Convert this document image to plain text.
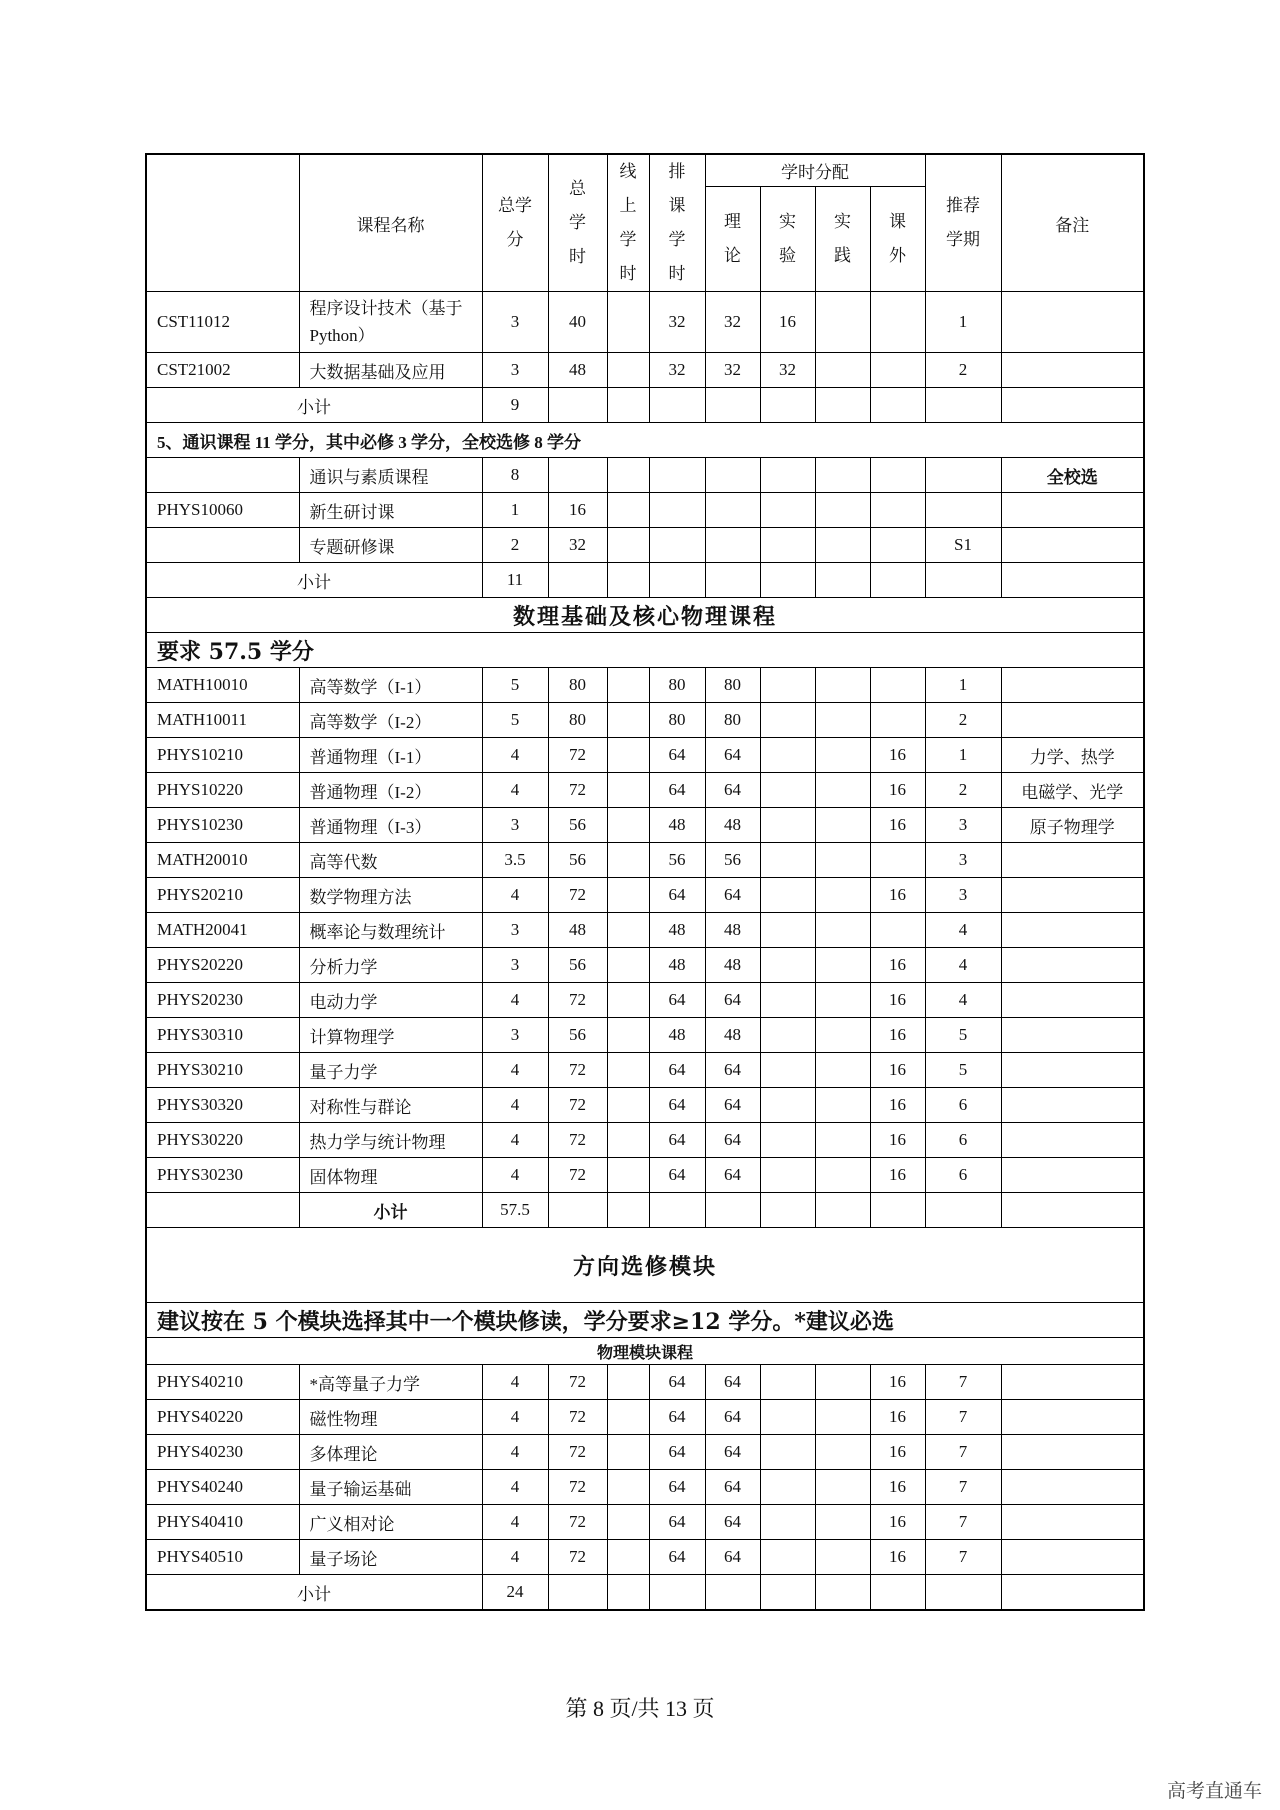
	课程名称	总学分	总学时	线上学时	排课学时	学时分配				推荐学期	备注

						理论	实验	实践	课外		

CST11012	程序设计技术（基于 Python）	3	40		32	32	16			1	
CST21002	大数据基础及应用	3	48		32	32	32			2	
小计		9									
5、通识课程 11 学分，其中必修 3 学分，全校选修 8 学分											
	通识与素质课程	8									全校选
PHYS10060	新生研讨课	1	16								
	专题研修课	2	32							S1	
小计		11									
数理基础及核心物理课程											
要求 57.5 学分											
MATH10010	高等数学（I-1）	5	80		80	80				1	
MATH10011	高等数学（I-2）	5	80		80	80				2	
PHYS10210	普通物理（I-1）	4	72		64	64			16	1	力学、热学
PHYS10220	普通物理（I-2）	4	72		64	64			16	2	电磁学、光学
PHYS10230	普通物理（I-3）	3	56		48	48			16	3	原子物理学
MATH20010	高等代数	3.5	56		56	56				3	
PHYS20210	数学物理方法	4	72		64	64			16	3	
MATH20041	概率论与数理统计	3	48		48	48				4	
PHYS20220	分析力学	3	56		48	48			16	4	
PHYS20230	电动力学	4	72		64	64			16	4	
PHYS30310	计算物理学	3	56		48	48			16	5	
PHYS30210	量子力学	4	72		64	64			16	5	
PHYS30320	对称性与群论	4	72		64	64			16	6	
PHYS30220	热力学与统计物理	4	72		64	64			16	6	
PHYS30230	固体物理	4	72		64	64			16	6	
	小计	57.5									
方向选修模块											
建议按在 5 个模块选择其中一个模块修读，学分要求≥12 学分。*建议必选											
物理模块课程											
PHYS40210	*高等量子力学	4	72		64	64			16	7	
PHYS40220	磁性物理	4	72		64	64			16	7	
PHYS40230	多体理论	4	72		64	64			16	7	
PHYS40240	量子输运基础	4	72		64	64			16	7	
PHYS40410	广义相对论	4	72		64	64			16	7	
PHYS40510	量子场论	4	72		64	64			16	7	
小计		24									
第 8 页/共 13 页
高考直通车
